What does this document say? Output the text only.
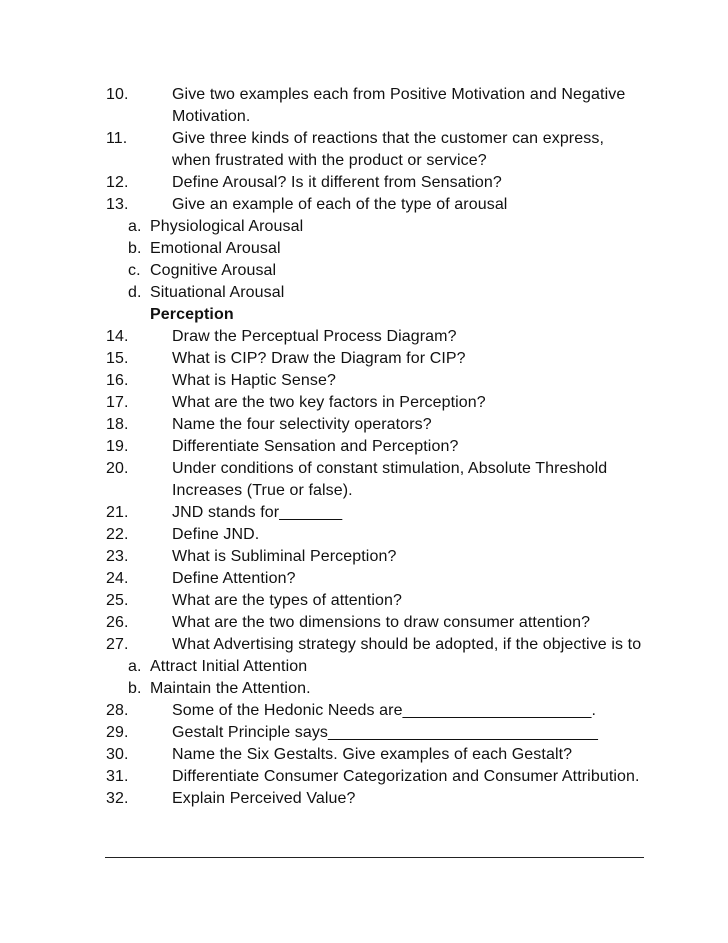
10.	Give two examples each from Positive Motivation and Negative Motivation.
11.	Give three kinds of reactions that the customer can express, when frustrated with the product or service?
12.	Define Arousal? Is it different from Sensation?
13.	Give an example of each of the type of arousal
a. Physiological Arousal
b. Emotional Arousal
c. Cognitive Arousal
d. Situational Arousal
Perception
14.	Draw the Perceptual Process Diagram?
15.	What is CIP? Draw the Diagram for CIP?
16.	What is Haptic Sense?
17.	What are the two key factors in Perception?
18.	Name the four selectivity operators?
19.	Differentiate Sensation and Perception?
20.	Under conditions of constant stimulation, Absolute Threshold Increases (True or false).
21.	JND stands for_______
22.	Define JND.
23.	What is Subliminal Perception?
24.	Define Attention?
25.	What are the types of attention?
26.	What are the two dimensions to draw consumer attention?
27.	What Advertising strategy should be adopted, if the objective is to
a. Attract Initial Attention
b. Maintain the Attention.
28.	Some of the Hedonic Needs are_____________________.
29.	Gestalt Principle says______________________________
30.	Name the Six Gestalts. Give examples of each Gestalt?
31.	Differentiate Consumer Categorization and Consumer Attribution.
32.	Explain Perceived Value?
